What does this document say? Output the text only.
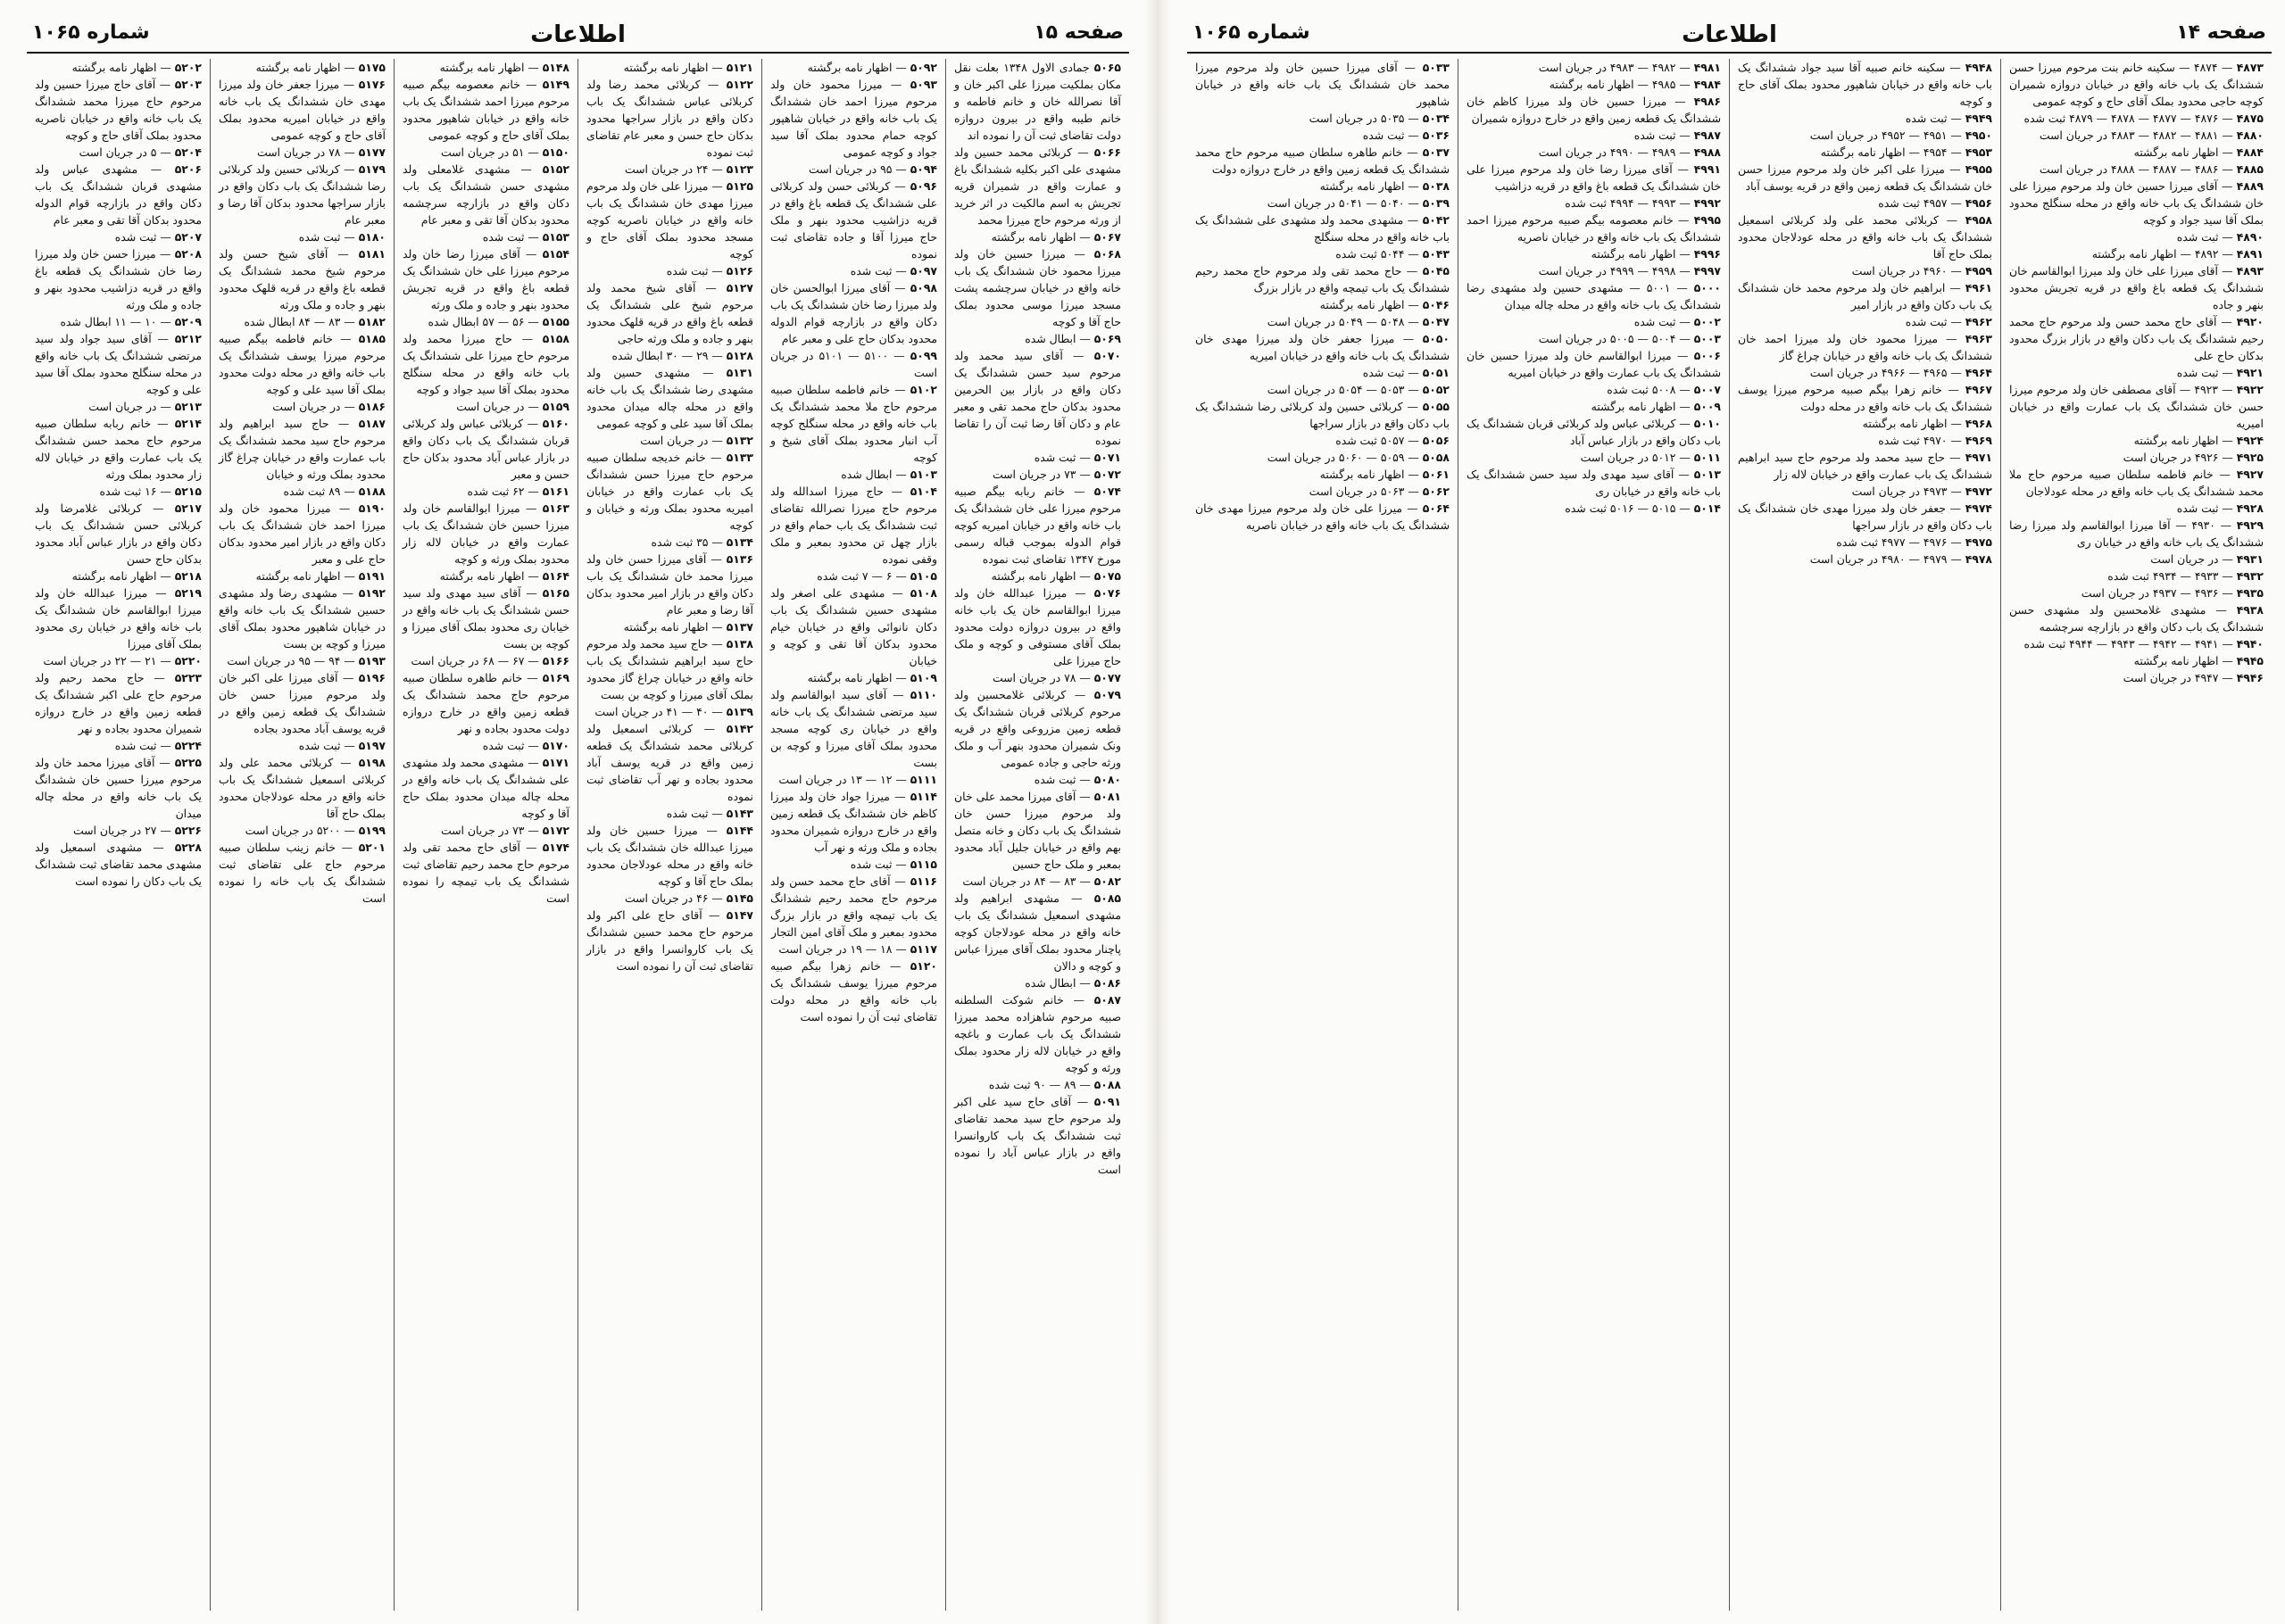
صفحه ۱۵
اطلاعات
شماره ۱۰۶۵

۵۰۶۵ جمادی الاول ۱۳۴۸ بعلت نقل مکان بملکیت میرزا علی اکبر خان و آقا نصرالله خان و خانم فاطمه و خانم طیبه واقع در بیرون دروازه دولت تقاضای ثبت آن را نموده اند

۵۰۶۶ — کربلائی محمد حسین ولد مشهدی علی اکبر بکلیه ششدانگ باغ و عمارت واقع در شمیران قریه تجریش به اسم مالکیت در اثر خرید از ورثه مرحوم حاج میرزا محمد

۵۰۶۷ — اظهار نامه برگشته

۵۰۶۸ — میرزا حسین خان ولد میرزا محمود خان ششدانگ یک باب خانه واقع در خیابان سرچشمه پشت مسجد میرزا موسی محدود بملک حاج آقا و کوچه

۵۰۶۹ — ابطال شده

۵۰۷۰ — آقای سید محمد ولد مرحوم سید حسن ششدانگ یک دکان واقع در بازار بین الحرمین محدود بدکان حاج محمد تقی و معبر عام و دکان آقا رضا ثبت آن را تقاضا نموده

۵۰۷۱ — ثبت شده

۵۰۷۲ — ۷۳ در جریان است

۵۰۷۴ — خانم ربابه بیگم صبیه مرحوم میرزا علی خان ششدانگ یک باب خانه واقع در خیابان امیریه کوچه قوام الدوله بموجب قباله رسمی مورخ ۱۳۴۷ تقاضای ثبت نموده

۵۰۷۵ — اظهار نامه برگشته

۵۰۷۶ — میرزا عبدالله خان ولد میرزا ابوالقاسم خان یک باب خانه واقع در بیرون دروازه دولت محدود بملک آقای مستوفی و کوچه و ملک حاج میرزا علی

۵۰۷۷ — ۷۸ در جریان است

۵۰۷۹ — کربلائی غلامحسین ولد مرحوم کربلائی قربان ششدانگ یک قطعه زمین مزروعی واقع در قریه ونک شمیران محدود بنهر آب و ملک ورثه حاجی و جاده عمومی

۵۰۸۰ — ثبت شده

۵۰۸۱ — آقای میرزا محمد علی خان ولد مرحوم میرزا حسن خان ششدانگ یک باب دکان و خانه متصل بهم واقع در خیابان جلیل آباد محدود بمعبر و ملک حاج حسین

۵۰۸۲ — ۸۳ — ۸۴ در جریان است

۵۰۸۵ — مشهدی ابراهیم ولد مشهدی اسمعیل ششدانگ یک باب خانه واقع در محله عودلاجان کوچه پاچنار محدود بملک آقای میرزا عباس و کوچه و دالان

۵۰۸۶ — ابطال شده

۵۰۸۷ — خانم شوکت السلطنه صبیه مرحوم شاهزاده محمد میرزا ششدانگ یک باب عمارت و باغچه واقع در خیابان لاله زار محدود بملک ورثه و کوچه

۵۰۸۸ — ۸۹ — ۹۰ ثبت شده

۵۰۹۱ — آقای حاج سید علی اکبر ولد مرحوم حاج سید محمد تقاضای ثبت ششدانگ یک باب کاروانسرا واقع در بازار عباس آباد را نموده است

۵۰۹۲ — اظهار نامه برگشته

۵۰۹۳ — میرزا محمود خان ولد مرحوم میرزا احمد خان ششدانگ یک باب خانه واقع در خیابان شاهپور کوچه حمام محدود بملک آقا سید جواد و کوچه عمومی

۵۰۹۴ — ۹۵ در جریان است

۵۰۹۶ — کربلائی حسن ولد کربلائی علی ششدانگ یک قطعه باغ واقع در قریه دزاشیب محدود بنهر و ملک حاج میرزا آقا و جاده تقاضای ثبت نموده

۵۰۹۷ — ثبت شده

۵۰۹۸ — آقای میرزا ابوالحسن خان ولد میرزا رضا خان ششدانگ یک باب دکان واقع در بازارچه قوام الدوله محدود بدکان حاج علی و معبر عام

۵۰۹۹ — ۵۱۰۰ — ۵۱۰۱ در جریان است

۵۱۰۲ — خانم فاطمه سلطان صبیه مرحوم حاج ملا محمد ششدانگ یک باب خانه واقع در محله سنگلج کوچه آب انبار محدود بملک آقای شیخ و کوچه

۵۱۰۳ — ابطال شده

۵۱۰۴ — حاج میرزا اسدالله ولد مرحوم حاج میرزا نصرالله تقاضای ثبت ششدانگ یک باب حمام واقع در بازار چهل تن محدود بمعبر و ملک وقفی نموده

۵۱۰۵ — ۶ — ۷ ثبت شده

۵۱۰۸ — مشهدی علی اصغر ولد مشهدی حسین ششدانگ یک باب دکان نانوائی واقع در خیابان خیام محدود بدکان آقا تقی و کوچه و خیابان

۵۱۰۹ — اظهار نامه برگشته

۵۱۱۰ — آقای سید ابوالقاسم ولد سید مرتضی ششدانگ یک باب خانه واقع در خیابان ری کوچه مسجد محدود بملک آقای میرزا و کوچه بن بست

۵۱۱۱ — ۱۲ — ۱۳ در جریان است

۵۱۱۴ — میرزا جواد خان ولد میرزا کاظم خان ششدانگ یک قطعه زمین واقع در خارج دروازه شمیران محدود بجاده و ملک ورثه و نهر آب

۵۱۱۵ — ثبت شده

۵۱۱۶ — آقای حاج محمد حسن ولد مرحوم حاج محمد رحیم ششدانگ یک باب تیمچه واقع در بازار بزرگ محدود بمعبر و ملک آقای امین التجار

۵۱۱۷ — ۱۸ — ۱۹ در جریان است

۵۱۲۰ — خانم زهرا بیگم صبیه مرحوم میرزا یوسف ششدانگ یک باب خانه واقع در محله دولت تقاضای ثبت آن را نموده است

۵۱۲۱ — اظهار نامه برگشته

۵۱۲۲ — کربلائی محمد رضا ولد کربلائی عباس ششدانگ یک باب دکان واقع در بازار سراجها محدود بدکان حاج حسن و معبر عام تقاضای ثبت نموده

۵۱۲۳ — ۲۴ در جریان است

۵۱۲۵ — میرزا علی خان ولد مرحوم میرزا مهدی خان ششدانگ یک باب خانه واقع در خیابان ناصریه کوچه مسجد محدود بملک آقای حاج و کوچه

۵۱۲۶ — ثبت شده

۵۱۲۷ — آقای شیخ محمد ولد مرحوم شیخ علی ششدانگ یک قطعه باغ واقع در قریه قلهک محدود بنهر و جاده و ملک ورثه حاجی

۵۱۲۸ — ۲۹ — ۳۰ ابطال شده

۵۱۳۱ — مشهدی حسین ولد مشهدی رضا ششدانگ یک باب خانه واقع در محله چاله میدان محدود بملک آقا سید علی و کوچه عمومی

۵۱۳۲ — در جریان است

۵۱۳۳ — خانم خدیجه سلطان صبیه مرحوم حاج میرزا حسن ششدانگ یک باب عمارت واقع در خیابان امیریه محدود بملک ورثه و خیابان و کوچه

۵۱۳۴ — ۳۵ ثبت شده

۵۱۳۶ — آقای میرزا حسن خان ولد میرزا محمد خان ششدانگ یک باب دکان واقع در بازار امیر محدود بدکان آقا رضا و معبر عام

۵۱۳۷ — اظهار نامه برگشته

۵۱۳۸ — حاج سید محمد ولد مرحوم حاج سید ابراهیم ششدانگ یک باب خانه واقع در خیابان چراغ گاز محدود بملک آقای میرزا و کوچه بن بست

۵۱۳۹ — ۴۰ — ۴۱ در جریان است

۵۱۴۲ — کربلائی اسمعیل ولد کربلائی محمد ششدانگ یک قطعه زمین واقع در قریه یوسف آباد محدود بجاده و نهر آب تقاضای ثبت نموده

۵۱۴۳ — ثبت شده

۵۱۴۴ — میرزا حسین خان ولد میرزا عبدالله خان ششدانگ یک باب خانه واقع در محله عودلاجان محدود بملک حاج آقا و کوچه

۵۱۴۵ — ۴۶ در جریان است

۵۱۴۷ — آقای حاج علی اکبر ولد مرحوم حاج محمد حسین ششدانگ یک باب کاروانسرا واقع در بازار تقاضای ثبت آن را نموده است

۵۱۴۸ — اظهار نامه برگشته

۵۱۴۹ — خانم معصومه بیگم صبیه مرحوم میرزا احمد ششدانگ یک باب خانه واقع در خیابان شاهپور محدود بملک آقای حاج و کوچه عمومی

۵۱۵۰ — ۵۱ در جریان است

۵۱۵۲ — مشهدی غلامعلی ولد مشهدی حسن ششدانگ یک باب دکان واقع در بازارچه سرچشمه محدود بدکان آقا تقی و معبر عام

۵۱۵۳ — ثبت شده

۵۱۵۴ — آقای میرزا رضا خان ولد مرحوم میرزا علی خان ششدانگ یک قطعه باغ واقع در قریه تجریش محدود بنهر و جاده و ملک ورثه

۵۱۵۵ — ۵۶ — ۵۷ ابطال شده

۵۱۵۸ — حاج میرزا محمد ولد مرحوم حاج میرزا علی ششدانگ یک باب خانه واقع در محله سنگلج محدود بملک آقا سید جواد و کوچه

۵۱۵۹ — در جریان است

۵۱۶۰ — کربلائی عباس ولد کربلائی قربان ششدانگ یک باب دکان واقع در بازار عباس آباد محدود بدکان حاج حسن و معبر

۵۱۶۱ — ۶۲ ثبت شده

۵۱۶۳ — میرزا ابوالقاسم خان ولد میرزا حسین خان ششدانگ یک باب عمارت واقع در خیابان لاله زار محدود بملک ورثه و کوچه

۵۱۶۴ — اظهار نامه برگشته

۵۱۶۵ — آقای سید مهدی ولد سید حسن ششدانگ یک باب خانه واقع در خیابان ری محدود بملک آقای میرزا و کوچه بن بست

۵۱۶۶ — ۶۷ — ۶۸ در جریان است

۵۱۶۹ — خانم طاهره سلطان صبیه مرحوم حاج محمد ششدانگ یک قطعه زمین واقع در خارج دروازه دولت محدود بجاده و نهر

۵۱۷۰ — ثبت شده

۵۱۷۱ — مشهدی محمد ولد مشهدی علی ششدانگ یک باب خانه واقع در محله چاله میدان محدود بملک حاج آقا و کوچه

۵۱۷۲ — ۷۳ در جریان است

۵۱۷۴ — آقای حاج محمد تقی ولد مرحوم حاج محمد رحیم تقاضای ثبت ششدانگ یک باب تیمچه را نموده است

۵۱۷۵ — اظهار نامه برگشته

۵۱۷۶ — میرزا جعفر خان ولد میرزا مهدی خان ششدانگ یک باب خانه واقع در خیابان امیریه محدود بملک آقای حاج و کوچه عمومی

۵۱۷۷ — ۷۸ در جریان است

۵۱۷۹ — کربلائی حسین ولد کربلائی رضا ششدانگ یک باب دکان واقع در بازار سراجها محدود بدکان آقا رضا و معبر عام

۵۱۸۰ — ثبت شده

۵۱۸۱ — آقای شیخ حسن ولد مرحوم شیخ محمد ششدانگ یک قطعه باغ واقع در قریه قلهک محدود بنهر و جاده و ملک ورثه

۵۱۸۲ — ۸۳ — ۸۴ ابطال شده

۵۱۸۵ — خانم فاطمه بیگم صبیه مرحوم میرزا یوسف ششدانگ یک باب خانه واقع در محله دولت محدود بملک آقا سید علی و کوچه

۵۱۸۶ — در جریان است

۵۱۸۷ — حاج سید ابراهیم ولد مرحوم حاج سید محمد ششدانگ یک باب عمارت واقع در خیابان چراغ گاز محدود بملک ورثه و خیابان

۵۱۸۸ — ۸۹ ثبت شده

۵۱۹۰ — میرزا محمود خان ولد میرزا احمد خان ششدانگ یک باب دکان واقع در بازار امیر محدود بدکان حاج علی و معبر

۵۱۹۱ — اظهار نامه برگشته

۵۱۹۲ — مشهدی رضا ولد مشهدی حسین ششدانگ یک باب خانه واقع در خیابان شاهپور محدود بملک آقای میرزا و کوچه بن بست

۵۱۹۳ — ۹۴ — ۹۵ در جریان است

۵۱۹۶ — آقای میرزا علی اکبر خان ولد مرحوم میرزا حسن خان ششدانگ یک قطعه زمین واقع در قریه یوسف آباد محدود بجاده

۵۱۹۷ — ثبت شده

۵۱۹۸ — کربلائی محمد علی ولد کربلائی اسمعیل ششدانگ یک باب خانه واقع در محله عودلاجان محدود بملک حاج آقا

۵۱۹۹ — ۵۲۰۰ در جریان است

۵۲۰۱ — خانم زینب سلطان صبیه مرحوم حاج علی تقاضای ثبت ششدانگ یک باب خانه را نموده است

۵۲۰۲ — اظهار نامه برگشته

۵۲۰۳ — آقای حاج میرزا حسین ولد مرحوم حاج میرزا محمد ششدانگ یک باب خانه واقع در خیابان ناصریه محدود بملک آقای حاج و کوچه

۵۲۰۴ — ۵ در جریان است

۵۲۰۶ — مشهدی عباس ولد مشهدی قربان ششدانگ یک باب دکان واقع در بازارچه قوام الدوله محدود بدکان آقا تقی و معبر عام

۵۲۰۷ — ثبت شده

۵۲۰۸ — میرزا حسن خان ولد میرزا رضا خان ششدانگ یک قطعه باغ واقع در قریه دزاشیب محدود بنهر و جاده و ملک ورثه

۵۲۰۹ — ۱۰ — ۱۱ ابطال شده

۵۲۱۲ — آقای سید جواد ولد سید مرتضی ششدانگ یک باب خانه واقع در محله سنگلج محدود بملک آقا سید علی و کوچه

۵۲۱۳ — در جریان است

۵۲۱۴ — خانم ربابه سلطان صبیه مرحوم حاج محمد حسن ششدانگ یک باب عمارت واقع در خیابان لاله زار محدود بملک ورثه

۵۲۱۵ — ۱۶ ثبت شده

۵۲۱۷ — کربلائی غلامرضا ولد کربلائی حسن ششدانگ یک باب دکان واقع در بازار عباس آباد محدود بدکان حاج حسن

۵۲۱۸ — اظهار نامه برگشته

۵۲۱۹ — میرزا عبدالله خان ولد میرزا ابوالقاسم خان ششدانگ یک باب خانه واقع در خیابان ری محدود بملک آقای میرزا

۵۲۲۰ — ۲۱ — ۲۲ در جریان است

۵۲۲۳ — حاج محمد رحیم ولد مرحوم حاج علی اکبر ششدانگ یک قطعه زمین واقع در خارج دروازه شمیران محدود بجاده و نهر

۵۲۲۴ — ثبت شده

۵۲۲۵ — آقای میرزا محمد خان ولد مرحوم میرزا حسین خان ششدانگ یک باب خانه واقع در محله چاله میدان

۵۲۲۶ — ۲۷ در جریان است

۵۲۲۸ — مشهدی اسمعیل ولد مشهدی محمد تقاضای ثبت ششدانگ یک باب دکان را نموده است

صفحه ۱۴
اطلاعات
شماره ۱۰۶۵

۴۸۷۳ — ۴۸۷۴ — سکینه خانم بنت مرحوم میرزا حسن ششدانگ یک باب خانه واقع در خیابان دروازه شمیران کوچه حاجی محدود بملک آقای حاج و کوچه عمومی

۴۸۷۵ — ۴۸۷۶ — ۴۸۷۷ — ۴۸۷۸ — ۴۸۷۹ ثبت شده

۴۸۸۰ — ۴۸۸۱ — ۴۸۸۲ — ۴۸۸۳ در جریان است

۴۸۸۴ — اظهار نامه برگشته

۴۸۸۵ — ۴۸۸۶ — ۴۸۸۷ — ۴۸۸۸ در جریان است

۴۸۸۹ — آقای میرزا حسین خان ولد مرحوم میرزا علی خان ششدانگ یک باب خانه واقع در محله سنگلج محدود بملک آقا سید جواد و کوچه

۴۸۹۰ — ثبت شده

۴۸۹۱ — ۴۸۹۲ — اظهار نامه برگشته

۴۸۹۳ — آقای میرزا علی خان ولد میرزا ابوالقاسم خان ششدانگ یک قطعه باغ واقع در قریه تجریش محدود بنهر و جاده

۴۹۲۰ — آقای حاج محمد حسن ولد مرحوم حاج محمد رحیم ششدانگ یک باب دکان واقع در بازار بزرگ محدود بدکان حاج علی

۴۹۲۱ — ثبت شده

۴۹۲۲ — ۴۹۲۳ — آقای مصطفی خان ولد مرحوم میرزا حسن خان ششدانگ یک باب عمارت واقع در خیابان امیریه

۴۹۲۴ — اظهار نامه برگشته

۴۹۲۵ — ۴۹۲۶ در جریان است

۴۹۲۷ — خانم فاطمه سلطان صبیه مرحوم حاج ملا محمد ششدانگ یک باب خانه واقع در محله عودلاجان

۴۹۲۸ — ثبت شده

۴۹۲۹ — ۴۹۳۰ — آقا میرزا ابوالقاسم ولد میرزا رضا ششدانگ یک باب خانه واقع در خیابان ری

۴۹۳۱ — در جریان است

۴۹۳۲ — ۴۹۳۳ — ۴۹۳۴ ثبت شده

۴۹۳۵ — ۴۹۳۶ — ۴۹۳۷ در جریان است

۴۹۳۸ — مشهدی غلامحسین ولد مشهدی حسن ششدانگ یک باب دکان واقع در بازارچه سرچشمه

۴۹۴۰ — ۴۹۴۱ — ۴۹۴۲ — ۴۹۴۳ — ۴۹۴۴ ثبت شده

۴۹۴۵ — اظهار نامه برگشته

۴۹۴۶ — ۴۹۴۷ در جریان است

۴۹۴۸ — سکینه خانم صبیه آقا سید جواد ششدانگ یک باب خانه واقع در خیابان شاهپور محدود بملک آقای حاج و کوچه

۴۹۴۹ — ثبت شده

۴۹۵۰ — ۴۹۵۱ — ۴۹۵۲ در جریان است

۴۹۵۳ — ۴۹۵۴ — اظهار نامه برگشته

۴۹۵۵ — میرزا علی اکبر خان ولد مرحوم میرزا حسن خان ششدانگ یک قطعه زمین واقع در قریه یوسف آباد

۴۹۵۶ — ۴۹۵۷ ثبت شده

۴۹۵۸ — کربلائی محمد علی ولد کربلائی اسمعیل ششدانگ یک باب خانه واقع در محله عودلاجان محدود بملک حاج آقا

۴۹۵۹ — ۴۹۶۰ در جریان است

۴۹۶۱ — ابراهیم خان ولد مرحوم محمد خان ششدانگ یک باب دکان واقع در بازار امیر

۴۹۶۲ — ثبت شده

۴۹۶۳ — میرزا محمود خان ولد میرزا احمد خان ششدانگ یک باب خانه واقع در خیابان چراغ گاز

۴۹۶۴ — ۴۹۶۵ — ۴۹۶۶ در جریان است

۴۹۶۷ — خانم زهرا بیگم صبیه مرحوم میرزا یوسف ششدانگ یک باب خانه واقع در محله دولت

۴۹۶۸ — اظهار نامه برگشته

۴۹۶۹ — ۴۹۷۰ ثبت شده

۴۹۷۱ — حاج سید محمد ولد مرحوم حاج سید ابراهیم ششدانگ یک باب عمارت واقع در خیابان لاله زار

۴۹۷۲ — ۴۹۷۳ در جریان است

۴۹۷۴ — جعفر خان ولد میرزا مهدی خان ششدانگ یک باب دکان واقع در بازار سراجها

۴۹۷۵ — ۴۹۷۶ — ۴۹۷۷ ثبت شده

۴۹۷۸ — ۴۹۷۹ — ۴۹۸۰ در جریان است

۴۹۸۱ — ۴۹۸۲ — ۴۹۸۳ در جریان است

۴۹۸۴ — ۴۹۸۵ — اظهار نامه برگشته

۴۹۸۶ — میرزا حسین خان ولد میرزا کاظم خان ششدانگ یک قطعه زمین واقع در خارج دروازه شمیران

۴۹۸۷ — ثبت شده

۴۹۸۸ — ۴۹۸۹ — ۴۹۹۰ در جریان است

۴۹۹۱ — آقای میرزا رضا خان ولد مرحوم میرزا علی خان ششدانگ یک قطعه باغ واقع در قریه دزاشیب

۴۹۹۲ — ۴۹۹۳ — ۴۹۹۴ ثبت شده

۴۹۹۵ — خانم معصومه بیگم صبیه مرحوم میرزا احمد ششدانگ یک باب خانه واقع در خیابان ناصریه

۴۹۹۶ — اظهار نامه برگشته

۴۹۹۷ — ۴۹۹۸ — ۴۹۹۹ در جریان است

۵۰۰۰ — ۵۰۰۱ — مشهدی حسین ولد مشهدی رضا ششدانگ یک باب خانه واقع در محله چاله میدان

۵۰۰۲ — ثبت شده

۵۰۰۳ — ۵۰۰۴ — ۵۰۰۵ در جریان است

۵۰۰۶ — میرزا ابوالقاسم خان ولد میرزا حسین خان ششدانگ یک باب عمارت واقع در خیابان امیریه

۵۰۰۷ — ۵۰۰۸ ثبت شده

۵۰۰۹ — اظهار نامه برگشته

۵۰۱۰ — کربلائی عباس ولد کربلائی قربان ششدانگ یک باب دکان واقع در بازار عباس آباد

۵۰۱۱ — ۵۰۱۲ در جریان است

۵۰۱۳ — آقای سید مهدی ولد سید حسن ششدانگ یک باب خانه واقع در خیابان ری

۵۰۱۴ — ۵۰۱۵ — ۵۰۱۶ ثبت شده

۵۰۳۳ — آقای میرزا حسین خان ولد مرحوم میرزا محمد خان ششدانگ یک باب خانه واقع در خیابان شاهپور

۵۰۳۴ — ۵۰۳۵ در جریان است

۵۰۳۶ — ثبت شده

۵۰۳۷ — خانم طاهره سلطان صبیه مرحوم حاج محمد ششدانگ یک قطعه زمین واقع در خارج دروازه دولت

۵۰۳۸ — اظهار نامه برگشته

۵۰۳۹ — ۵۰۴۰ — ۵۰۴۱ در جریان است

۵۰۴۲ — مشهدی محمد ولد مشهدی علی ششدانگ یک باب خانه واقع در محله سنگلج

۵۰۴۳ — ۵۰۴۴ ثبت شده

۵۰۴۵ — حاج محمد تقی ولد مرحوم حاج محمد رحیم ششدانگ یک باب تیمچه واقع در بازار بزرگ

۵۰۴۶ — اظهار نامه برگشته

۵۰۴۷ — ۵۰۴۸ — ۵۰۴۹ در جریان است

۵۰۵۰ — میرزا جعفر خان ولد میرزا مهدی خان ششدانگ یک باب خانه واقع در خیابان امیریه

۵۰۵۱ — ثبت شده

۵۰۵۲ — ۵۰۵۳ — ۵۰۵۴ در جریان است

۵۰۵۵ — کربلائی حسین ولد کربلائی رضا ششدانگ یک باب دکان واقع در بازار سراجها

۵۰۵۶ — ۵۰۵۷ ثبت شده

۵۰۵۸ — ۵۰۵۹ — ۵۰۶۰ در جریان است

۵۰۶۱ — اظهار نامه برگشته

۵۰۶۲ — ۵۰۶۳ در جریان است

۵۰۶۴ — میرزا علی خان ولد مرحوم میرزا مهدی خان ششدانگ یک باب خانه واقع در خیابان ناصریه
